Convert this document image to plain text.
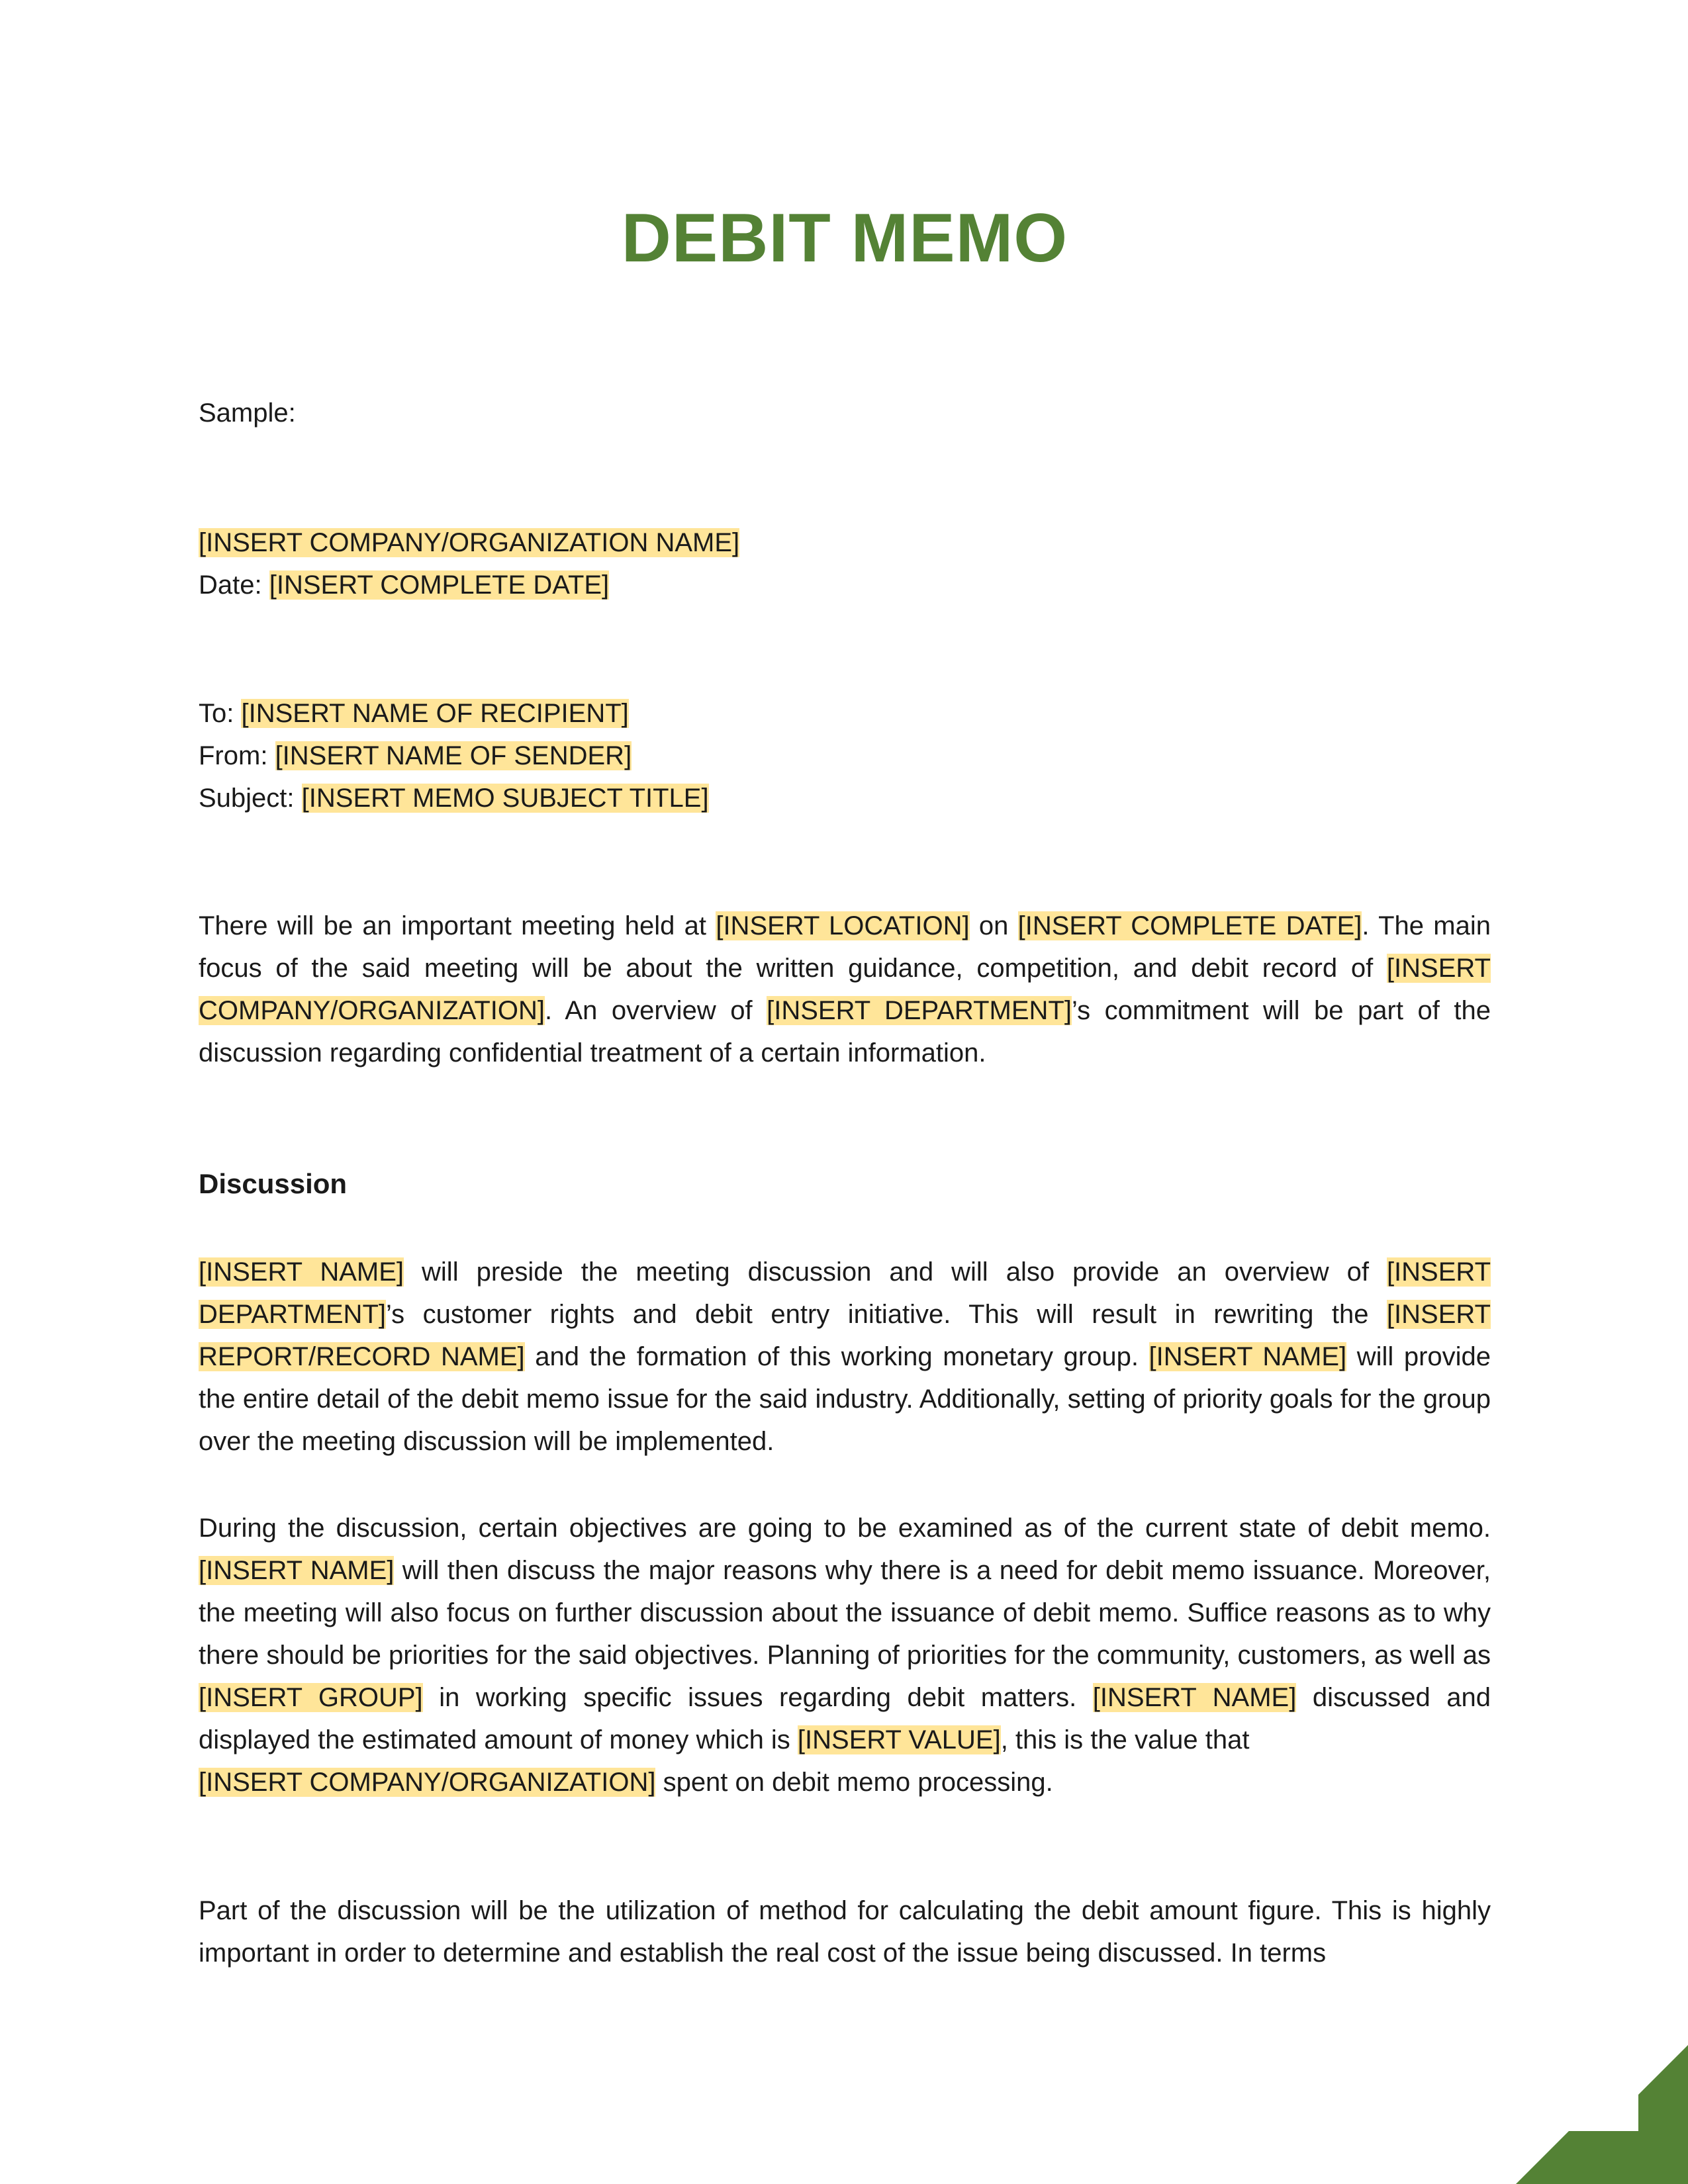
DEBIT MEMO
Sample:
[INSERT COMPANY/ORGANIZATION NAME]
Date: [INSERT COMPLETE DATE]
To: [INSERT NAME OF RECIPIENT]
From: [INSERT NAME OF SENDER]
Subject: [INSERT MEMO SUBJECT TITLE]
There will be an important meeting held at [INSERT LOCATION] on [INSERT COMPLETE DATE]. The main focus of the said meeting will be about the written guidance, competition, and debit record of [INSERT COMPANY/ORGANIZATION]. An overview of [INSERT DEPARTMENT]’s commitment will be part of the discussion regarding confidential treatment of a certain information.
Discussion
[INSERT NAME] will preside the meeting discussion and will also provide an overview of [INSERT DEPARTMENT]’s customer rights and debit entry initiative. This will result in rewriting the [INSERT REPORT/RECORD NAME] and the formation of this working monetary group. [INSERT NAME] will provide the entire detail of the debit memo issue for the said industry. Additionally, setting of priority goals for the group over the meeting discussion will be implemented.
During the discussion, certain objectives are going to be examined as of the current state of debit memo. [INSERT NAME] will then discuss the major reasons why there is a need for debit memo issuance. Moreover, the meeting will also focus on further discussion about the issuance of debit memo. Suffice reasons as to why there should be priorities for the said objectives. Planning of priorities for the community, customers, as well as [INSERT GROUP] in working specific issues regarding debit matters. [INSERT NAME] discussed and displayed the estimated amount of money which is [INSERT VALUE], this is the value that
[INSERT COMPANY/ORGANIZATION] spent on debit memo processing.
Part of the discussion will be the utilization of method for calculating the debit amount figure. This is highly important in order to determine and establish the real cost of the issue being discussed. In terms
